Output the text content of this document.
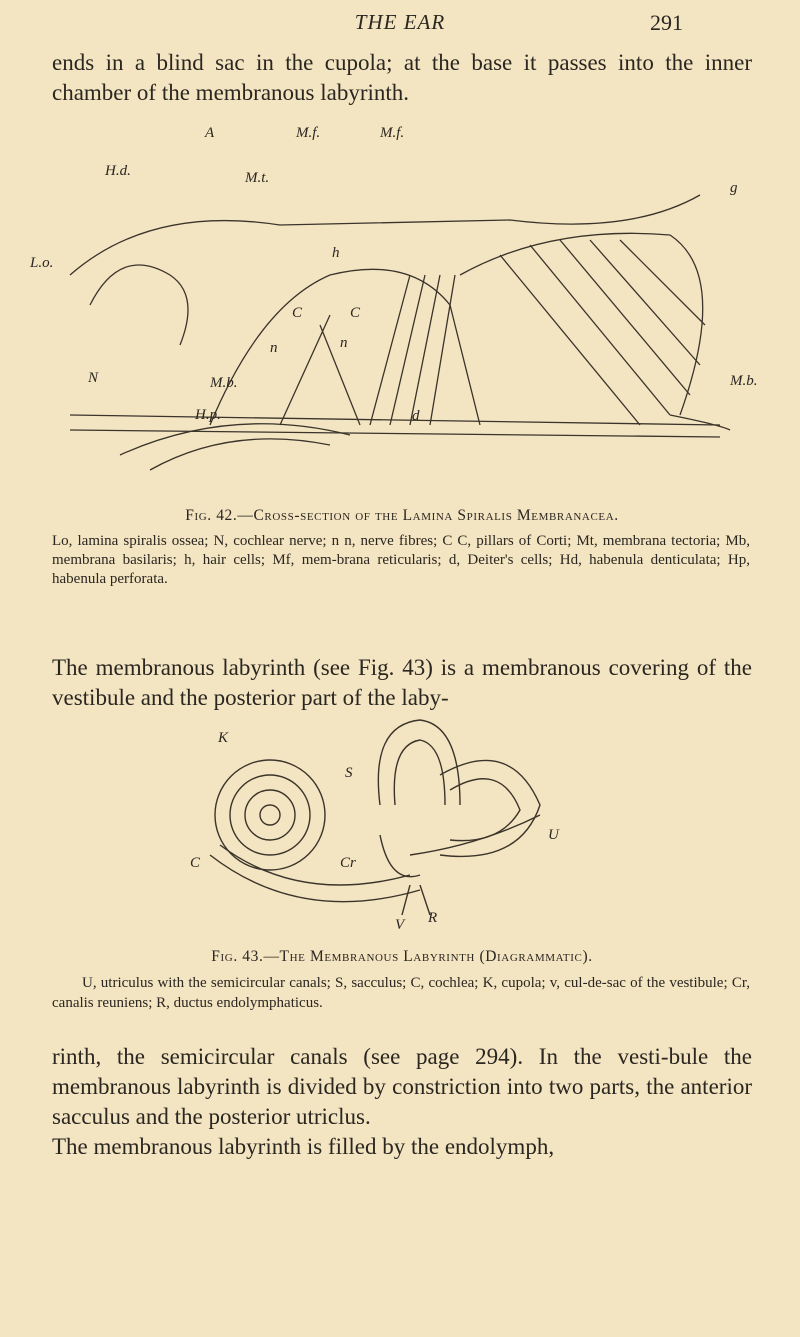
THE EAR	291
ends in a blind sac in the cupola; at the base it passes into the inner chamber of the membranous labyrinth.
A	M.f.	M.f.
H.d.	M.t.
g
L.o.
h
C	C
n	n
N	M.b.	M.b.
H.p.	d
Fig. 42.—Cross-section of the Lamina Spiralis Membranacea.
Lo, lamina spiralis ossea; N, cochlear nerve; n n, nerve fibres; C C, pillars of Corti; Mt, membrana tectoria; Mb, membrana basilaris; h, hair cells; Mf, mem-brana reticularis; d, Deiter's cells; Hd, habenula denticulata; Hp, habenula perforata.
The membranous labyrinth (see Fig. 43) is a membranous covering of the vestibule and the posterior part of the laby-
K
S
C	Cr
U
V R
Fig. 43.—The Membranous Labyrinth (Diagrammatic).
U, utriculus with the semicircular canals; S, sacculus; C, cochlea; K, cupola; v, cul-de-sac of the vestibule; Cr, canalis reuniens; R, ductus endolymphaticus.
rinth, the semicircular canals (see page 294). In the vesti-bule the membranous labyrinth is divided by constriction into two parts, the anterior sacculus and the posterior utriclus.
The membranous labyrinth is filled by the endolymph,
